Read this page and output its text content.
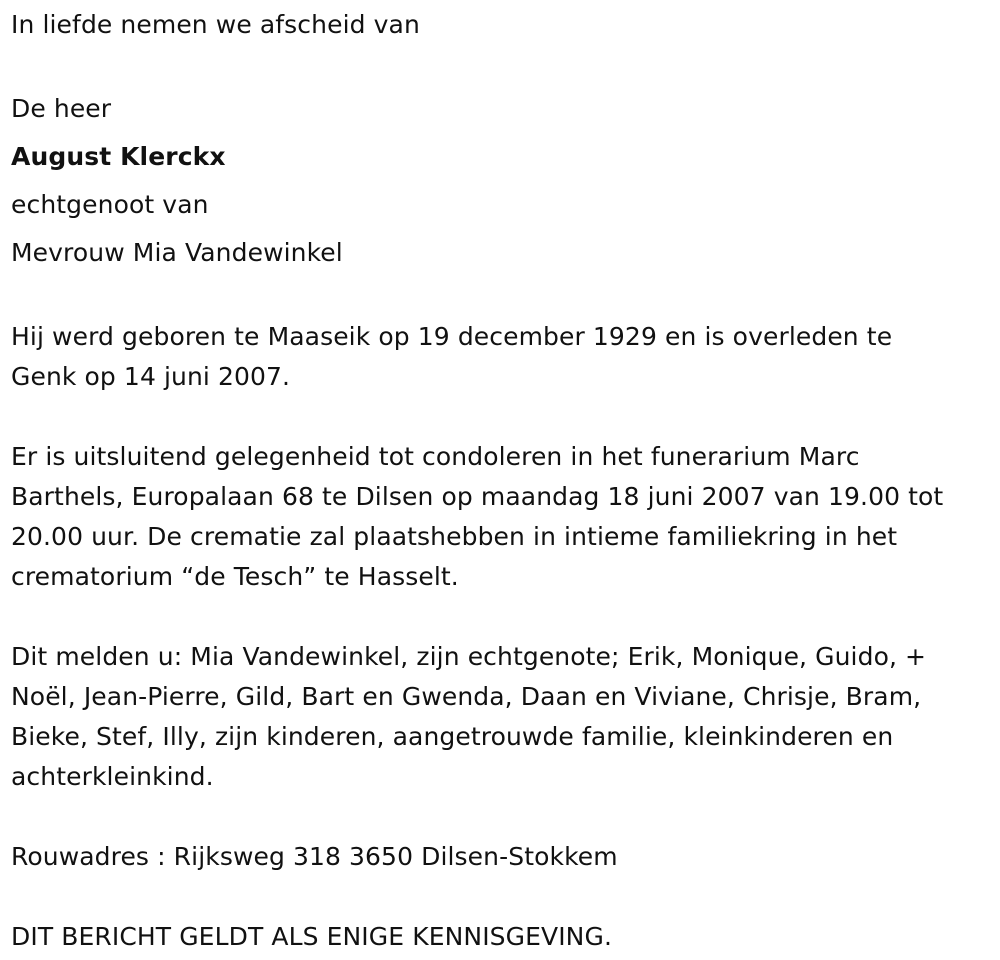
In liefde nemen we afscheid van
De heer
August Klerckx
echtgenoot van
Mevrouw Mia Vandewinkel
Hij werd geboren te Maaseik op 19 december 1929 en is overleden te
Genk op 14 juni 2007.
Er is uitsluitend gelegenheid tot condoleren in het funerarium Marc
Barthels, Europalaan 68 te Dilsen op maandag 18 juni 2007 van 19.00 tot
20.00 uur. De crematie zal plaatshebben in intieme familiekring in het
crematorium “de Tesch” te Hasselt.
Dit melden u: Mia Vandewinkel, zijn echtgenote; Erik, Monique, Guido, +
Noël, Jean-Pierre, Gild, Bart en Gwenda, Daan en Viviane, Chrisje, Bram,
Bieke, Stef, Illy, zijn kinderen, aangetrouwde familie, kleinkinderen en
achterkleinkind.
Rouwadres : Rijksweg 318 3650 Dilsen-Stokkem
DIT BERICHT GELDT ALS ENIGE KENNISGEVING.
